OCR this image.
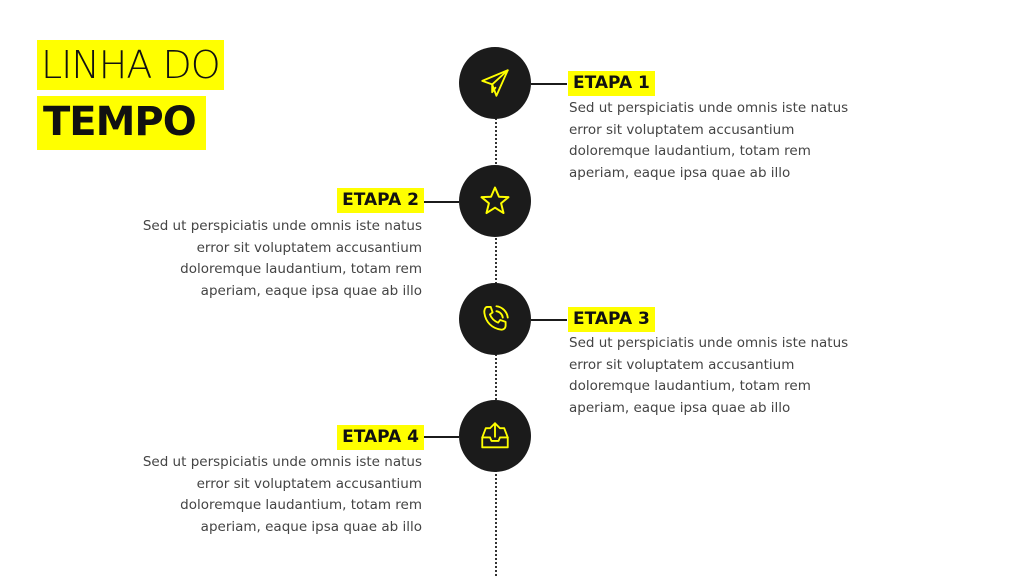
LINHA DO
TEMPO
ETAPA 1
Sed ut perspiciatis unde omnis iste natus error sit voluptatem accusantium doloremque laudantium, totam rem aperiam, eaque ipsa quae ab illo
ETAPA 2
Sed ut perspiciatis unde omnis iste natus error sit voluptatem accusantium doloremque laudantium, totam rem aperiam, eaque ipsa quae ab illo
ETAPA 3
Sed ut perspiciatis unde omnis iste natus error sit voluptatem accusantium doloremque laudantium, totam rem aperiam, eaque ipsa quae ab illo
ETAPA 4
Sed ut perspiciatis unde omnis iste natus error sit voluptatem accusantium doloremque laudantium, totam rem aperiam, eaque ipsa quae ab illo
